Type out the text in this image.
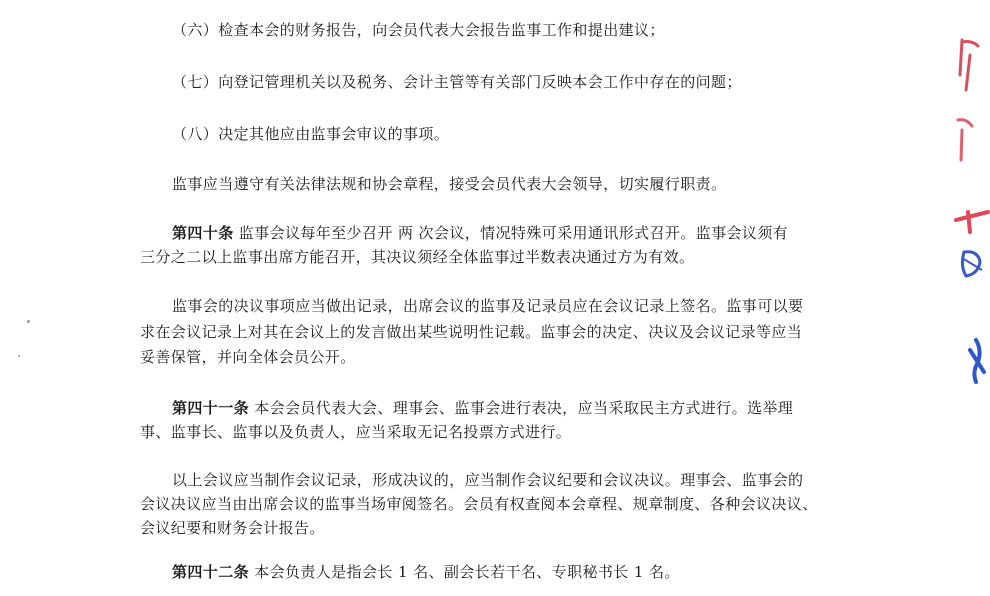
（六）检查本会的财务报告，向会员代表大会报告监事工作和提出建议；
（七）向登记管理机关以及税务、会计主管等有关部门反映本会工作中存在的问题；
（八）决定其他应由监事会审议的事项。
监事应当遵守有关法律法规和协会章程，接受会员代表大会领导，切实履行职责。
第四十条 监事会议每年至少召开 两 次会议，情况特殊可采用通讯形式召开。监事会议须有
三分之二以上监事出席方能召开，其决议须经全体监事过半数表决通过方为有效。
监事会的决议事项应当做出记录，出席会议的监事及记录员应在会议记录上签名。监事可以要
求在会议记录上对其在会议上的发言做出某些说明性记载。监事会的决定、决议及会议记录等应当
妥善保管，并向全体会员公开。
第四十一条 本会会员代表大会、理事会、监事会进行表决，应当采取民主方式进行。选举理
事、监事长、监事以及负责人，应当采取无记名投票方式进行。
以上会议应当制作会议记录，形成决议的，应当制作会议纪要和会议决议。理事会、监事会的
会议决议应当由出席会议的监事当场审阅签名。会员有权查阅本会章程、规章制度、各种会议决议、
会议纪要和财务会计报告。
第四十二条 本会负责人是指会长 1 名、副会长若干名、专职秘书长 1 名。
